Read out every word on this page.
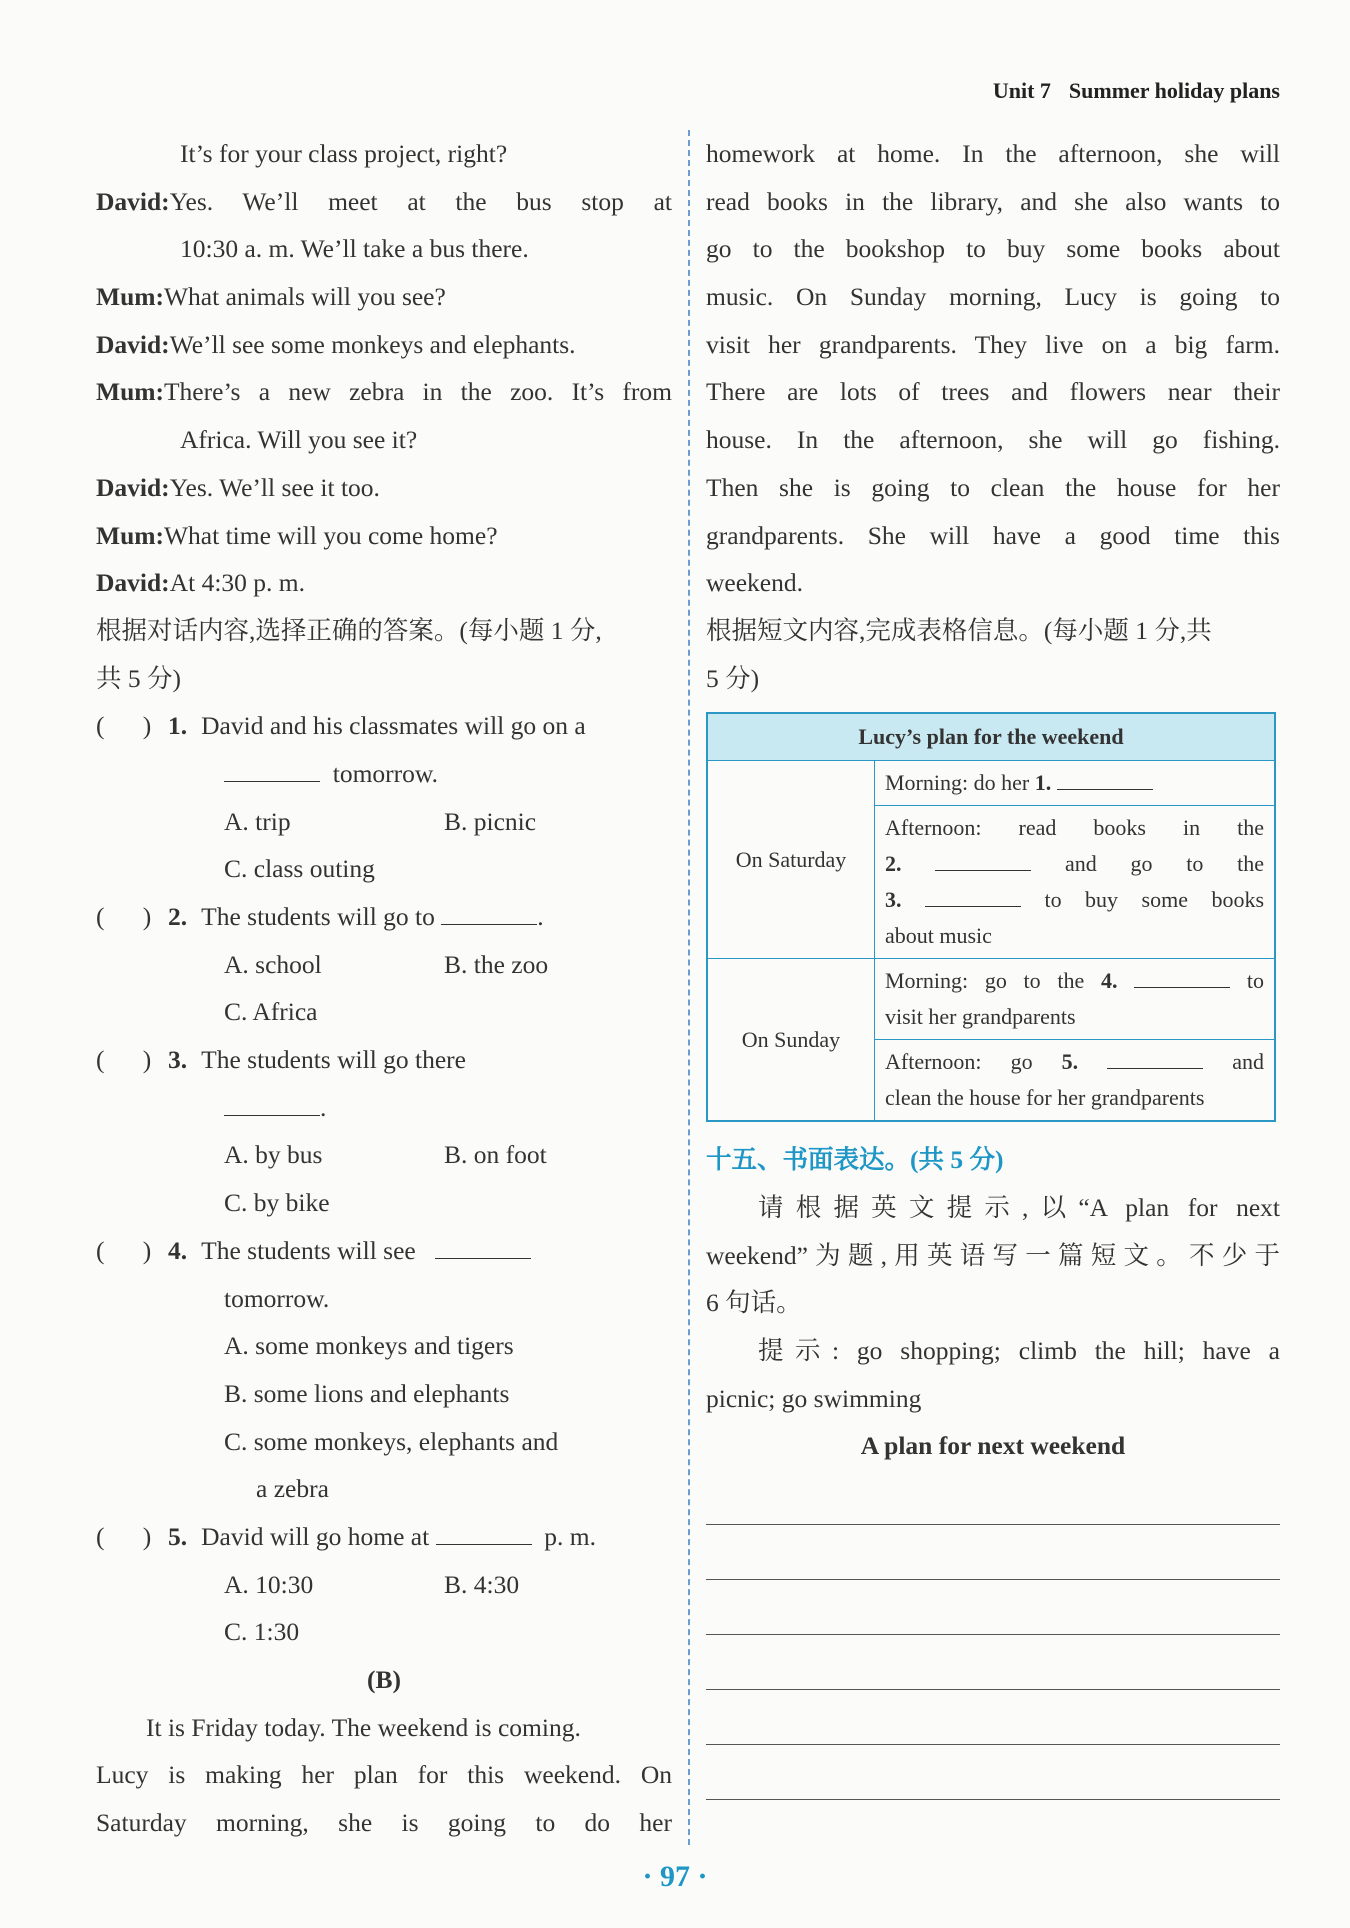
Unit 7 Summer holiday plans
It’s for your class project, right?
David:Yes. We’ll meet at the bus stop at
10:30 a. m. We’ll take a bus there.
Mum:What animals will you see?
David:We’ll see some monkeys and elephants.
Mum:There’s a new zebra in the zoo. It’s from
Africa. Will you see it?
David:Yes. We’ll see it too.
Mum:What time will you come home?
David:At 4:30 p. m.
根据对话内容,选择正确的答案。(每小题 1 分,
共 5 分)
( ) 1. David and his classmates will go on a
tomorrow.
A. trip	B. picnic
C. class outing
( ) 2. The students will go to	.
A. school	B. the zoo
C. Africa
( ) 3. The students will go there
.
A. by bus	B. on foot
C. by bike
( ) 4. The students will see
tomorrow.
A. some monkeys and tigers
B. some lions and elephants
C. some monkeys, elephants and
a zebra
( ) 5. David will go home at	p. m.
A. 10:30	B. 4:30
C. 1:30
(B)
It is Friday today. The weekend is coming.
Lucy is making her plan for this weekend. On
Saturday morning, she is going to do her
homework at home. In the afternoon, she will
read books in the library, and she also wants to
go to the bookshop to buy some books about
music. On Sunday morning, Lucy is going to
visit her grandparents. They live on a big farm.
There are lots of trees and flowers near their
house. In the afternoon, she will go fishing.
Then she is going to clean the house for her
grandparents. She will have a good time this
weekend.
根据短文内容,完成表格信息。(每小题 1 分,共
5 分)
Lucy’s plan for the weekend	
On Saturday	Morning: do her 1.

	Afternoon: read books in the
2. and go to the
3. to buy some books
about music

On Sunday	Morning: go to the 4. to
visit her grandparents

	Afternoon: go 5. and
clean the house for her grandparents
十五、书面表达。(共 5 分)
请根据英文提示,以“A plan for next
weekend”为题,用英语写一篇短文。不少于
6 句话。
提示: go shopping; climb the hill; have a
picnic; go swimming
A plan for next weekend
· 97 ·
